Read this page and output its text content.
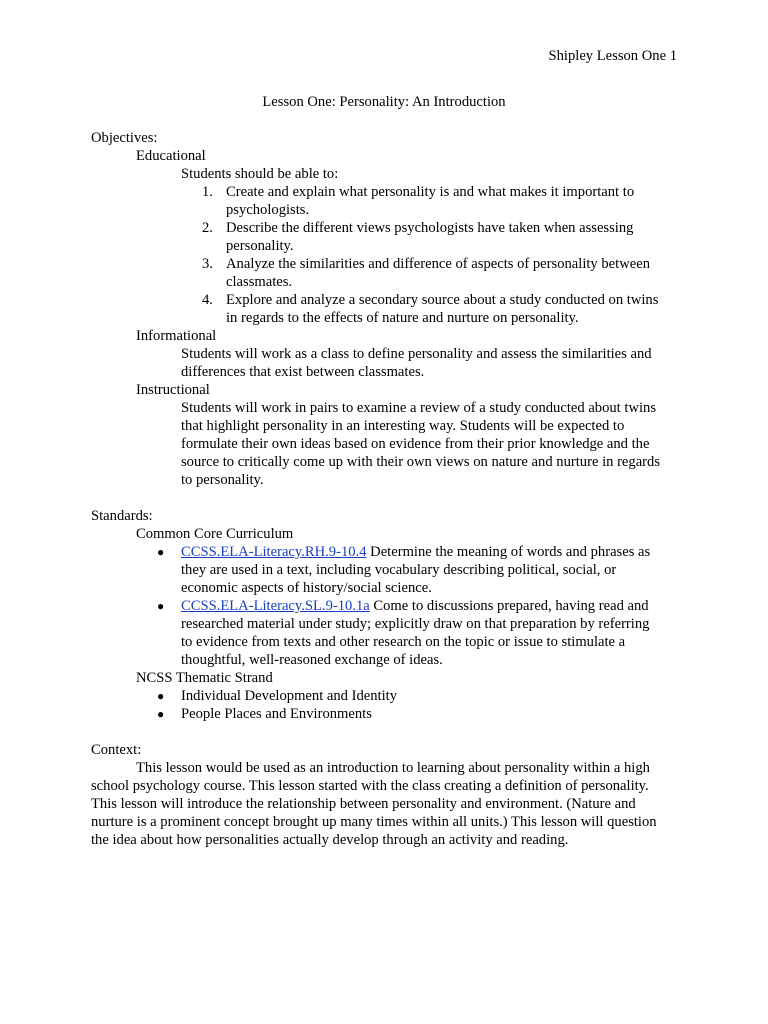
Shipley Lesson One 1
Lesson One: Personality: An Introduction
Objectives:
Educational
Students should be able to:
1. Create and explain what personality is and what makes it important to
psychologists.
2. Describe the different views psychologists have taken when assessing
personality.
3. Analyze the similarities and difference of aspects of personality between
classmates.
4. Explore and analyze a secondary source about a study conducted on twins
in regards to the effects of nature and nurture on personality.
Informational
Students will work as a class to define personality and assess the similarities and
differences that exist between classmates.
Instructional
Students will work in pairs to examine a review of a study conducted about twins
that highlight personality in an interesting way. Students will be expected to
formulate their own ideas based on evidence from their prior knowledge and the
source to critically come up with their own views on nature and nurture in regards
to personality.
Standards:
Common Core Curriculum
● CCSS.ELA-Literacy.RH.9-10.4 Determine the meaning of words and phrases as
they are used in a text, including vocabulary describing political, social, or
economic aspects of history/social science.
● CCSS.ELA-Literacy.SL.9-10.1a Come to discussions prepared, having read and
researched material under study; explicitly draw on that preparation by referring
to evidence from texts and other research on the topic or issue to stimulate a
thoughtful, well-reasoned exchange of ideas.
NCSS Thematic Strand
● Individual Development and Identity
● People Places and Environments
Context:
This lesson would be used as an introduction to learning about personality within a high
school psychology course. This lesson started with the class creating a definition of personality.
This lesson will introduce the relationship between personality and environment. (Nature and
nurture is a prominent concept brought up many times within all units.) This lesson will question
the idea about how personalities actually develop through an activity and reading.
